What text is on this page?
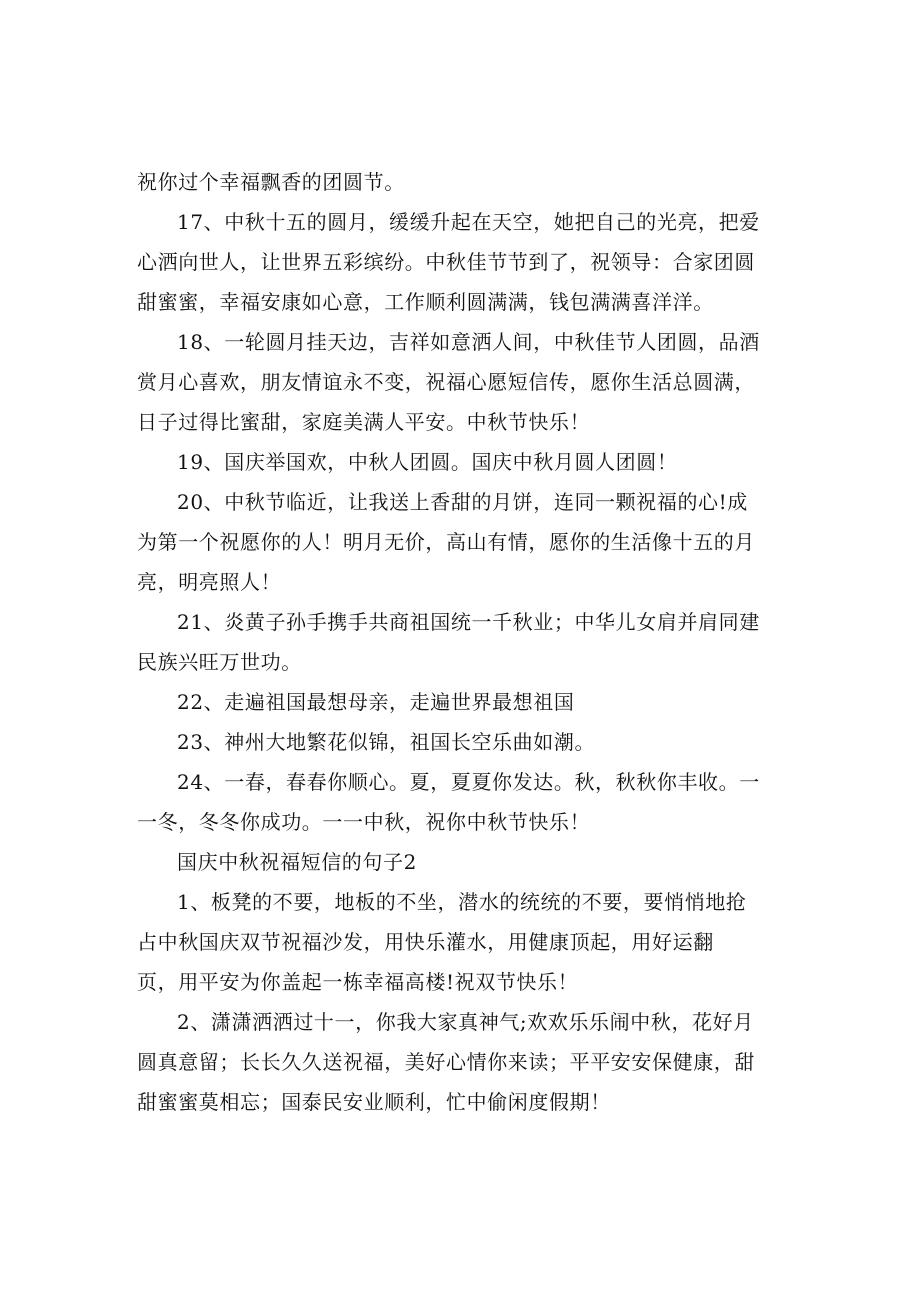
祝你过个幸福飘香的团圆节。
17、中秋十五的圆月，缓缓升起在天空，她把自己的光亮，把爱
心洒向世人，让世界五彩缤纷。中秋佳节节到了，祝领导：合家团圆
甜蜜蜜，幸福安康如心意，工作顺利圆满满，钱包满满喜洋洋。
18、一轮圆月挂天边，吉祥如意洒人间，中秋佳节人团圆，品酒
赏月心喜欢，朋友情谊永不变，祝福心愿短信传，愿你生活总圆满，
日子过得比蜜甜，家庭美满人平安。中秋节快乐！
19、国庆举国欢，中秋人团圆。国庆中秋月圆人团圆！
20、中秋节临近，让我送上香甜的月饼，连同一颗祝福的心!成
为第一个祝愿你的人！明月无价，高山有情，愿你的生活像十五的月
亮，明亮照人！
21、炎黄子孙手携手共商祖国统一千秋业；中华儿女肩并肩同建
民族兴旺万世功。
22、走遍祖国最想母亲，走遍世界最想祖国
23、神州大地繁花似锦，祖国长空乐曲如潮。
24、一春，春春你顺心。夏，夏夏你发达。秋，秋秋你丰收。一
一冬，冬冬你成功。一一中秋，祝你中秋节快乐！
国庆中秋祝福短信的句子2
1、板凳的不要，地板的不坐，潜水的统统的不要，要悄悄地抢
占中秋国庆双节祝福沙发，用快乐灌水，用健康顶起，用好运翻
页，用平安为你盖起一栋幸福高楼!祝双节快乐！
2、潇潇洒洒过十一，你我大家真神气;欢欢乐乐闹中秋，花好月
圆真意留；长长久久送祝福，美好心情你来读；平平安安保健康，甜
甜蜜蜜莫相忘；国泰民安业顺利，忙中偷闲度假期！
